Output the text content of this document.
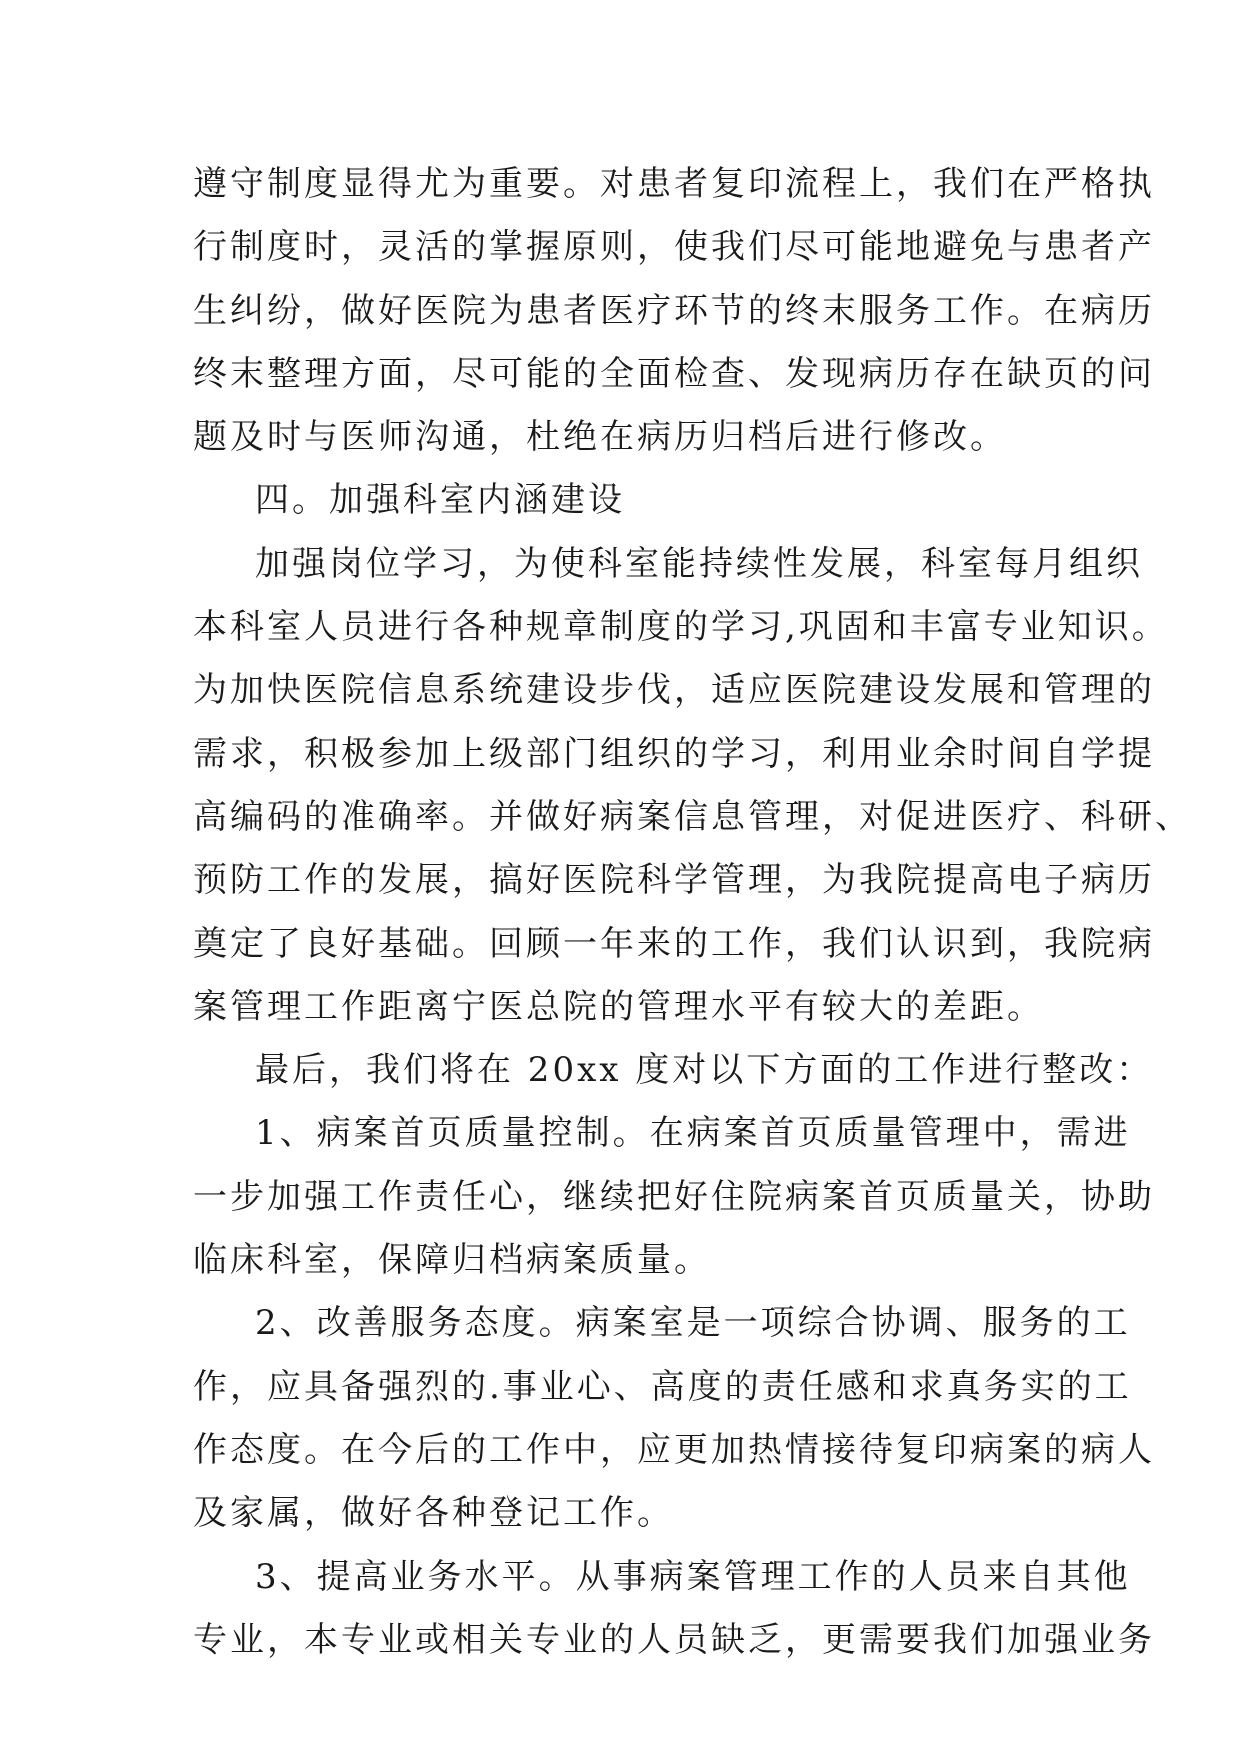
遵守制度显得尤为重要。对患者复印流程上，我们在严格执
行制度时，灵活的掌握原则，使我们尽可能地避免与患者产
生纠纷，做好医院为患者医疗环节的终末服务工作。在病历
终末整理方面，尽可能的全面检查、发现病历存在缺页的问
题及时与医师沟通，杜绝在病历归档后进行修改。
四。加强科室内涵建设
加强岗位学习，为使科室能持续性发展，科室每月组织
本科室人员进行各种规章制度的学习,巩固和丰富专业知识。
为加快医院信息系统建设步伐，适应医院建设发展和管理的
需求，积极参加上级部门组织的学习，利用业余时间自学提
高编码的准确率。并做好病案信息管理，对促进医疗、科研、
预防工作的发展，搞好医院科学管理，为我院提高电子病历
奠定了良好基础。回顾一年来的工作，我们认识到，我院病
案管理工作距离宁医总院的管理水平有较大的差距。
最后，我们将在 20xx 度对以下方面的工作进行整改：
1、病案首页质量控制。在病案首页质量管理中，需进
一步加强工作责任心，继续把好住院病案首页质量关，协助
临床科室，保障归档病案质量。
2、改善服务态度。病案室是一项综合协调、服务的工
作，应具备强烈的.事业心、高度的责任感和求真务实的工
作态度。在今后的工作中，应更加热情接待复印病案的病人
及家属，做好各种登记工作。
3、提高业务水平。从事病案管理工作的人员来自其他
专业，本专业或相关专业的人员缺乏，更需要我们加强业务
